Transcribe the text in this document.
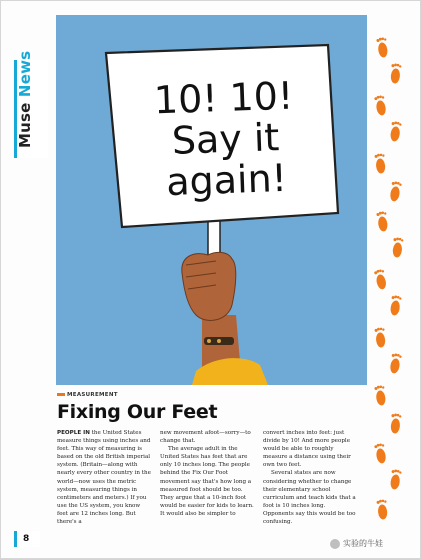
Muse News	10! 10!
Say it
again!
MEASUREMENT
Fixing Our Feet

PEOPLE IN the United States measure things using inches and feet. This way of measuring is based on the old British imperial system. (Britain—along with nearly every other country in the world—now uses the metric system, measuring things in centimeters and meters.) If you use the US system, you know feet are 12 inches long. But there's a

new movement afoot—sorry—to change that.

The average adult in the United States has feet that are only 10 inches long. The people behind the Fix Our Foot movement say that's how long a measured foot should be too. They argue that a 10-inch foot would be easier for kids to learn. It would also be simpler to

convert inches into feet: just divide by 10! And more people would be able to roughly measure a distance using their own two feet.

Several states are now considering whether to change their elementary school curriculum and teach kids that a foot is 10 inches long. Opponents say this would be too confusing.

8	实验的牛娃
